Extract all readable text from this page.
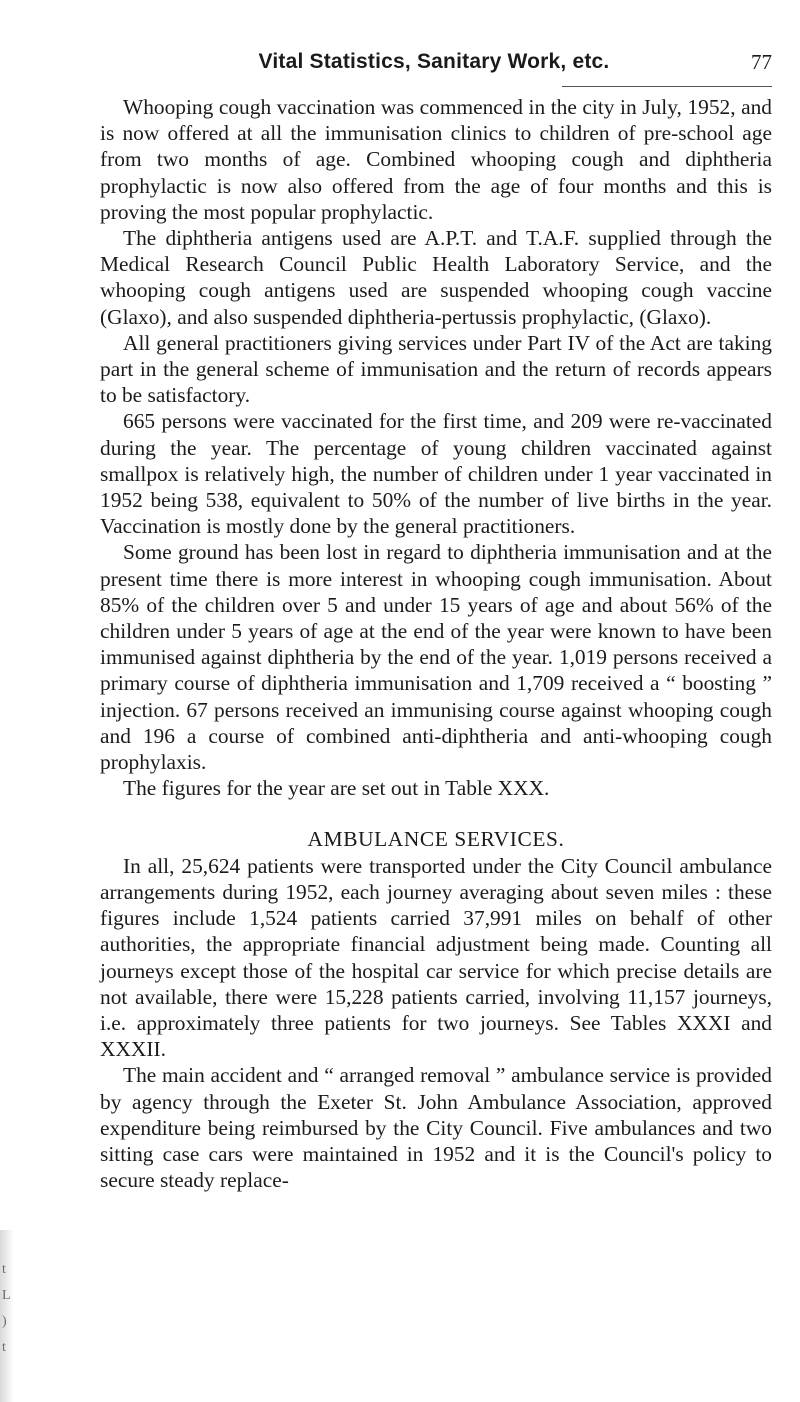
Vital Statistics, Sanitary Work, etc.	77

Whooping cough vaccination was commenced in the city in July, 1952, and is now offered at all the immunisation clinics to children of pre-school age from two months of age. Combined whooping cough and diphtheria prophylactic is now also offered from the age of four months and this is proving the most popular prophylactic.

The diphtheria antigens used are A.P.T. and T.A.F. supplied through the Medical Research Council Public Health Laboratory Service, and the whooping cough antigens used are suspended whooping cough vaccine (Glaxo), and also suspended diphtheria-pertussis prophylactic, (Glaxo).

All general practitioners giving services under Part IV of the Act are taking part in the general scheme of immunisation and the return of records appears to be satisfactory.

665 persons were vaccinated for the first time, and 209 were re-vaccinated during the year. The percentage of young children vaccinated against smallpox is relatively high, the number of children under 1 year vaccinated in 1952 being 538, equivalent to 50% of the number of live births in the year. Vaccination is mostly done by the general practitioners.

Some ground has been lost in regard to diphtheria immunisation and at the present time there is more interest in whooping cough immunisation. About 85% of the children over 5 and under 15 years of age and about 56% of the children under 5 years of age at the end of the year were known to have been immunised against diphtheria by the end of the year. 1,019 persons received a primary course of diphtheria immunisation and 1,709 received a “ boosting ” injection. 67 persons received an immunising course against whooping cough and 196 a course of combined anti-diphtheria and anti-whooping cough prophylaxis.

The figures for the year are set out in Table XXX.

AMBULANCE SERVICES.

In all, 25,624 patients were transported under the City Council ambulance arrangements during 1952, each journey averaging about seven miles : these figures include 1,524 patients carried 37,991 miles on behalf of other authorities, the appropriate financial adjustment being made. Counting all journeys except those of the hospital car service for which precise details are not available, there were 15,228 patients carried, involving 11,157 journeys, i.e. approximately three patients for two journeys. See Tables XXXI and XXXII.

The main accident and “ arranged removal ” ambulance service is provided by agency through the Exeter St. John Ambulance Association, approved expenditure being reimbursed by the City Council. Five ambulances and two sitting case cars were maintained in 1952 and it is the Council's policy to secure steady replace-

t
L
)
t
